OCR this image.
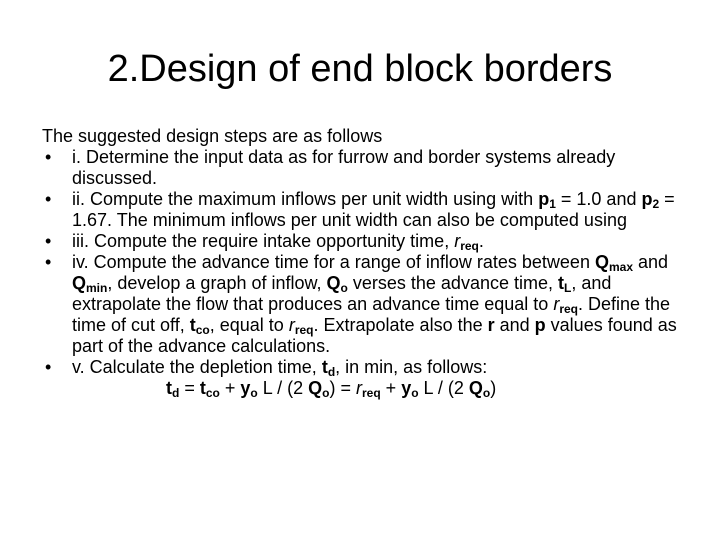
2.Design of end block borders

The suggested design steps are as follows

• i. Determine the input data as for furrow and border systems already discussed.
• ii. Compute the maximum inflows per unit width using with $p_1 = 1.0$ and $p_2 = 1.67$. The minimum inflows per unit width can also be computed using
• iii. Compute the require intake opportunity time, $r_{req}$.
• iv. Compute the advance time for a range of inflow rates between $Q_{max}$ and $Q_{min}$, develop a graph of inflow, $Q_o$ verses the advance time, $t_L$, and extrapolate the flow that produces an advance time equal to $r_{req}$. Define the time of cut off, $t_{co}$, equal to $r_{req}$. Extrapolate also the r and p values found as part of the advance calculations.
• v. Calculate the depletion time, $t_d$, in min, as follows:

$t_d = t_{co} + y_o$ L / (2 $Q_o) = r_{req} + y_o$ L / (2 $Q_o$)
